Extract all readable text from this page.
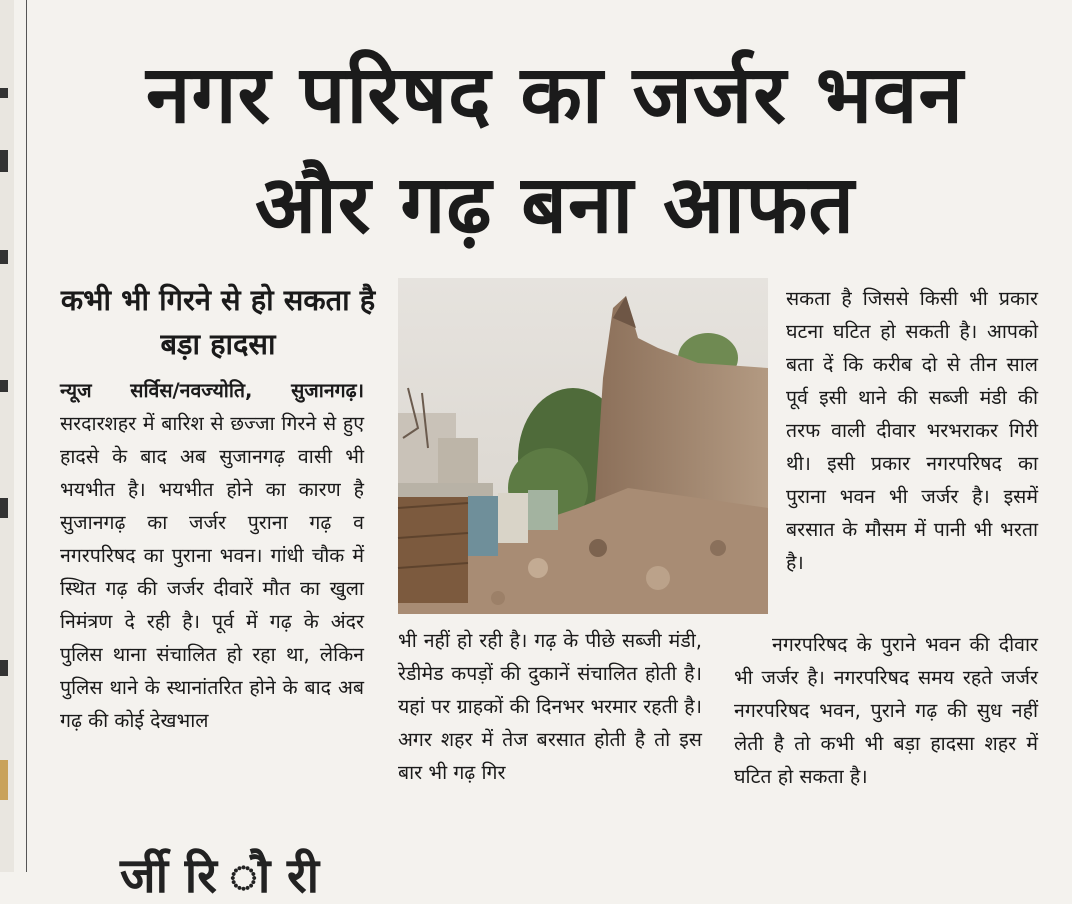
नगर परिषद का जर्जर भवन
और गढ़ बना आफत
कभी भी गिरने से हो सकता है बड़ा हादसा

न्यूज सर्विस/नवज्योति, सुजानगढ़।सरदारशहर में बारिश से छज्जा गिरने से हुए हादसे के बाद अब सुजानगढ़ वासी भी भयभीत है। भयभीत होने का कारण है सुजानगढ़ का जर्जर पुराना गढ़ व नगरपरिषद का पुराना भवन। गांधी चौक में स्थित गढ़ की जर्जर दीवारें मौत का खुला निमंत्रण दे रही है। पूर्व में गढ़ के अंदर पुलिस थाना संचालित हो रहा था, लेकिन पुलिस थाने के स्थानांतरित होने के बाद अब गढ़ की कोई देखभाल

भी नहीं हो रही है। गढ़ के पीछे सब्जी मंडी, रेडीमेड कपड़ों की दुकानें संचालित होती है। यहां पर ग्राहकों की दिनभर भरमार रहती है। अगर शहर में तेज बरसात होती है तो इस बार भी गढ़ गिर

सकता है जिससे किसी भी प्रकार घटना घटित हो सकती है। आपको बता दें कि करीब दो से तीन साल पूर्व इसी थाने की सब्जी मंडी की तरफ वाली दीवार भरभराकर गिरी थी। इसी प्रकार नगरपरिषद का पुराना भवन भी जर्जर है। इसमें बरसात के मौसम में पानी भी भरता है।

नगरपरिषद के पुराने भवन की दीवार भी जर्जर है। नगरपरिषद समय रहते जर्जर नगरपरिषद भवन, पुराने गढ़ की सुध नहीं लेती है तो कभी भी बड़ा हादसा शहर में घटित हो सकता है।

र्जी रि ौ री
